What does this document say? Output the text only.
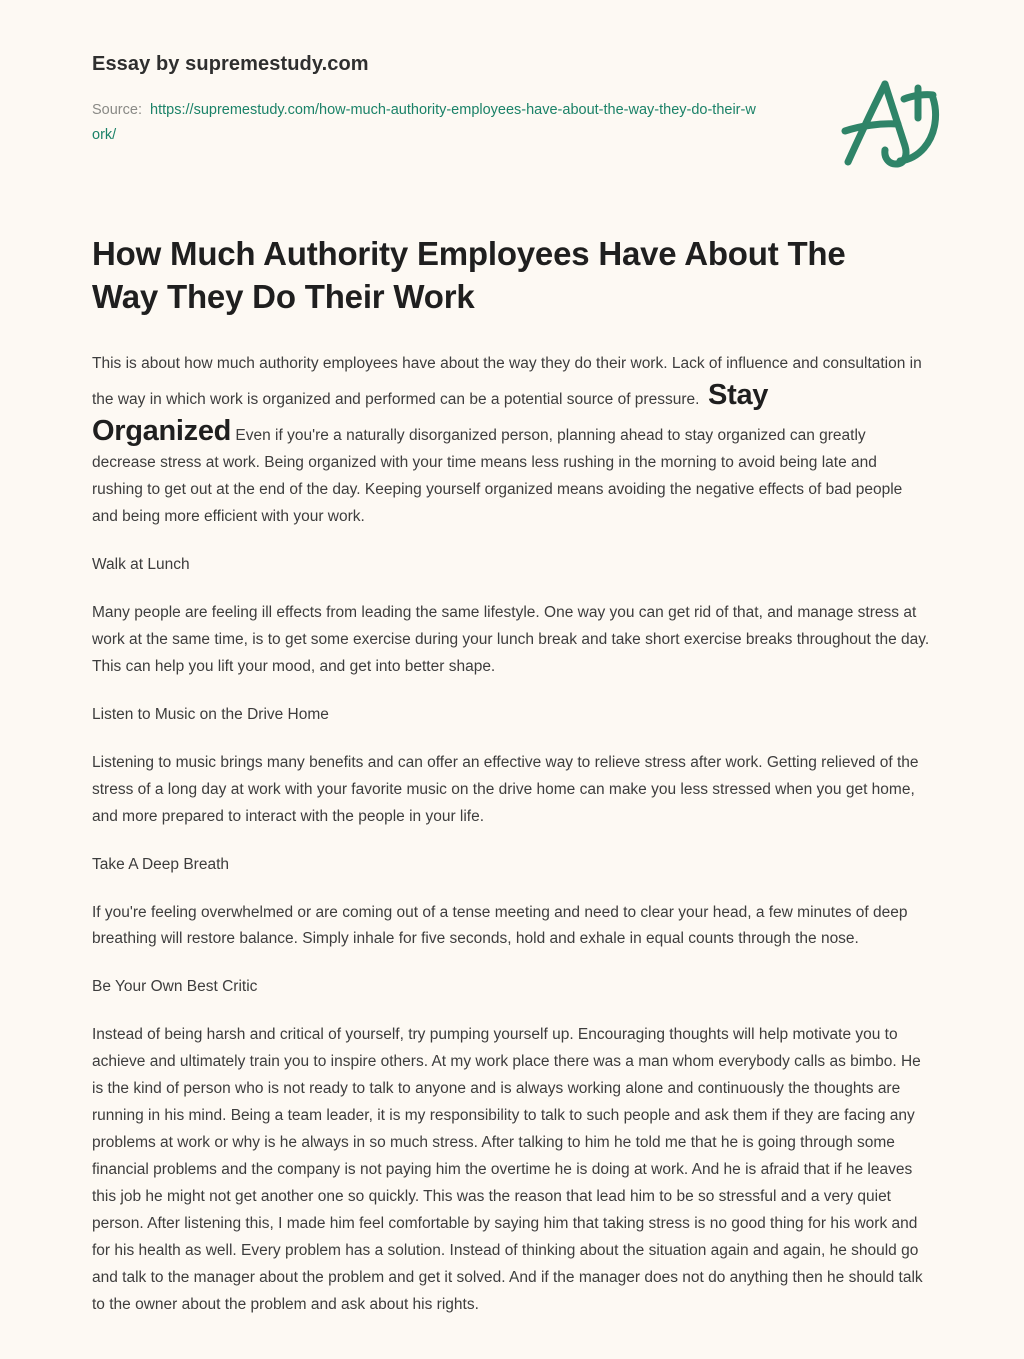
Essay by supremestudy.com
Source: https://supremestudy.com/how-much-authority-employees-have-about-the-way-they-do-their-work/
How Much Authority Employees Have About The Way They Do Their Work

This is about how much authority employees have about the way they do their work. Lack of influence and consultation in the way in which work is organized and performed can be a potential source of pressure. Stay Organized Even if you're a naturally disorganized person, planning ahead to stay organized can greatly decrease stress at work. Being organized with your time means less rushing in the morning to avoid being late and rushing to get out at the end of the day. Keeping yourself organized means avoiding the negative effects of bad people and being more efficient with your work.

Walk at Lunch

Many people are feeling ill effects from leading the same lifestyle. One way you can get rid of that, and manage stress at work at the same time, is to get some exercise during your lunch break and take short exercise breaks throughout the day. This can help you lift your mood, and get into better shape.

Listen to Music on the Drive Home

Listening to music brings many benefits and can offer an effective way to relieve stress after work. Getting relieved of the stress of a long day at work with your favorite music on the drive home can make you less stressed when you get home, and more prepared to interact with the people in your life.

Take A Deep Breath

If you're feeling overwhelmed or are coming out of a tense meeting and need to clear your head, a few minutes of deep breathing will restore balance. Simply inhale for five seconds, hold and exhale in equal counts through the nose.

Be Your Own Best Critic

Instead of being harsh and critical of yourself, try pumping yourself up. Encouraging thoughts will help motivate you to achieve and ultimately train you to inspire others. At my work place there was a man whom everybody calls as bimbo. He is the kind of person who is not ready to talk to anyone and is always working alone and continuously the thoughts are running in his mind. Being a team leader, it is my responsibility to talk to such people and ask them if they are facing any problems at work or why is he always in so much stress. After talking to him he told me that he is going through some financial problems and the company is not paying him the overtime he is doing at work. And he is afraid that if he leaves this job he might not get another one so quickly. This was the reason that lead him to be so stressful and a very quiet person. After listening this, I made him feel comfortable by saying him that taking stress is no good thing for his work and for his health as well. Every problem has a solution. Instead of thinking about the situation again and again, he should go and talk to the manager about the problem and get it solved. And if the manager does not do anything then he should talk to the owner about the problem and ask about his rights.
